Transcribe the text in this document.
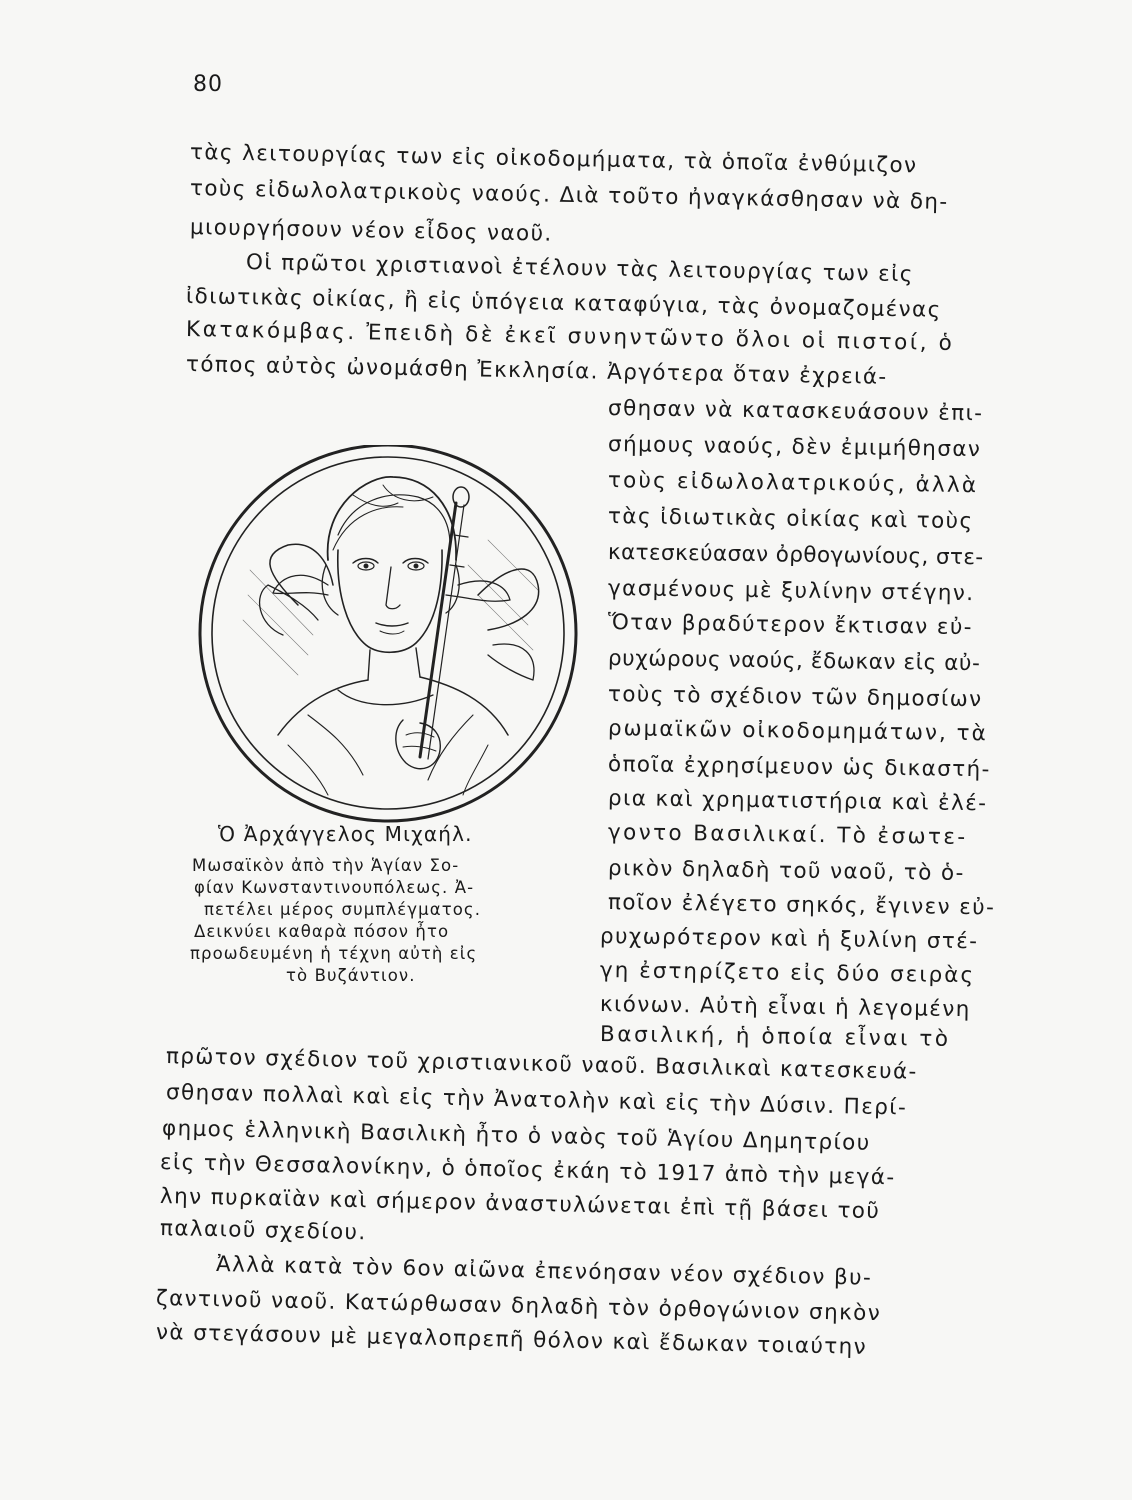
80
τὰς λειτουργίας των εἰς οἰκοδομήματα, τὰ ὁποῖα ἐνθύμιζον
τοὺς εἰδωλολατρικοὺς ναούς. Διὰ τοῦτο ἠναγκάσθησαν νὰ δη-
μιουργήσουν νέον εἶδος ναοῦ.
Οἱ πρῶτοι χριστιανοὶ ἐτέλουν τὰς λειτουργίας των εἰς
ἰδιωτικὰς οἰκίας, ἢ εἰς ὑπόγεια καταφύγια, τὰς ὀνομαζομένας
Κατακόμβας. Ἐπειδὴ δὲ ἐκεῖ συνηντῶντο ὅλοι οἱ πιστοί, ὁ
τόπος αὐτὸς ὠνομάσθη Ἐκκλησία. Ἀργότερα ὅταν ἐχρειά-
σθησαν νὰ κατασκευάσουν ἐπι-
σήμους ναούς, δὲν ἐμιμήθησαν
τοὺς εἰδωλολατρικούς, ἀλλὰ
τὰς ἰδιωτικὰς οἰκίας καὶ τοὺς
κατεσκεύασαν ὀρθογωνίους, στε-
γασμένους μὲ ξυλίνην στέγην.
Ὅταν βραδύτερον ἔκτισαν εὐ-
ρυχώρους ναούς, ἔδωκαν εἰς αὐ-
τοὺς τὸ σχέδιον τῶν δημοσίων
ρωμαϊκῶν οἰκοδομημάτων, τὰ
ὁποῖα ἐχρησίμευον ὡς δικαστή-
ρια καὶ χρηματιστήρια καὶ ἐλέ-
γοντο Βασιλικαί. Τὸ ἐσωτε-
ρικὸν δηλαδὴ τοῦ ναοῦ, τὸ ὁ-
ποῖον ἐλέγετο σηκός, ἔγινεν εὐ-
ρυχωρότερον καὶ ἡ ξυλίνη στέ-
γη ἐστηρίζετο εἰς δύο σειρὰς
κιόνων. Αὐτὴ εἶναι ἡ λεγομένη
Βασιλική, ἡ ὁποία εἶναι τὸ
πρῶτον σχέδιον τοῦ χριστιανικοῦ ναοῦ. Βασιλικαὶ κατεσκευά-
σθησαν πολλαὶ καὶ εἰς τὴν Ἀνατολὴν καὶ εἰς τὴν Δύσιν. Περί-
φημος ἑλληνικὴ Βασιλικὴ ἦτο ὁ ναὸς τοῦ Ἁγίου Δημητρίου
εἰς τὴν Θεσσαλονίκην, ὁ ὁποῖος ἐκάη τὸ 1917 ἀπὸ τὴν μεγά-
λην πυρκαϊὰν καὶ σήμερον ἀναστυλώνεται ἐπὶ τῇ βάσει τοῦ
παλαιοῦ σχεδίου.
Ἀλλὰ κατὰ τὸν 6ον αἰῶνα ἐπενόησαν νέον σχέδιον βυ-
ζαντινοῦ ναοῦ. Κατώρθωσαν δηλαδὴ τὸν ὀρθογώνιον σηκὸν
νὰ στεγάσουν μὲ μεγαλοπρεπῆ θόλον καὶ ἔδωκαν τοιαύτην
Ὁ Ἀρχάγγελος Μιχαήλ.
Μωσαϊκὸν ἀπὸ τὴν Ἁγίαν Σο-
φίαν Κωνσταντινουπόλεως. Ἀ-
πετέλει μέρος συμπλέγματος.
Δεικνύει καθαρὰ πόσον ἦτο
προωδευμένη ἡ τέχνη αὐτὴ εἰς
τὸ Βυζάντιον.
